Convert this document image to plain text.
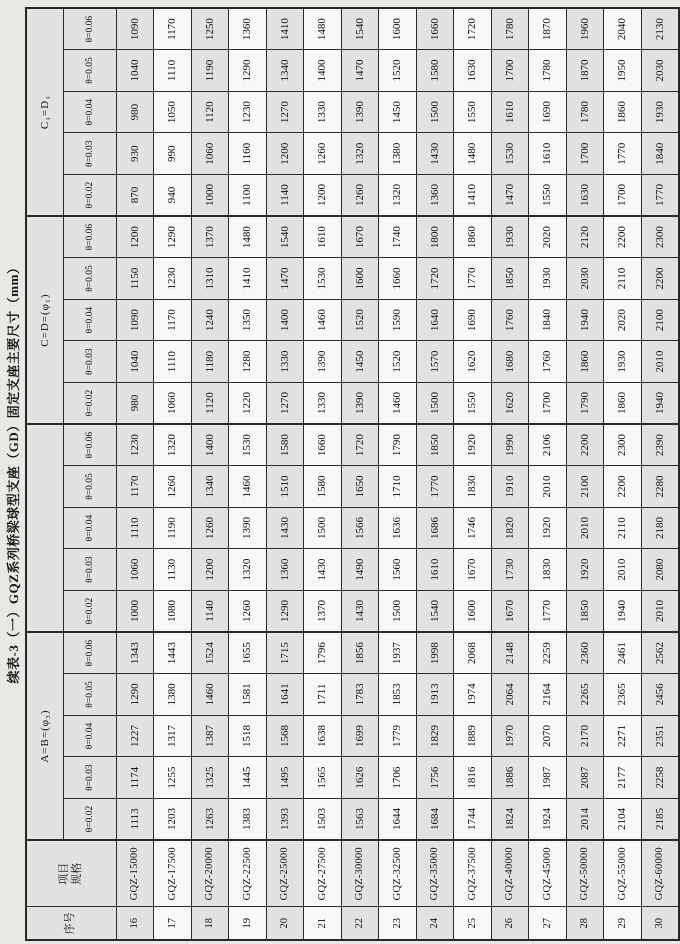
续表-3（一）GQZ系列桥梁球型支座（GD）固定支座主要尺寸（mm）
序号	项目 规格	A=B=(φ₃)										C=D=(φ₁)					C₁=D₁				
		θ=0.02	θ=0.03	θ=0.04	θ=0.05	θ=0.06	θ=0.02	θ=0.03	θ=0.04	θ=0.05	θ=0.06	θ=0.02	θ=0.03	θ=0.04	θ=0.05	θ=0.06	θ=0.02	θ=0.03	θ=0.04	θ=0.05	θ=0.06
16	GQZ-15000	1113	1174	1227	1290	1343	1000	1060	1110	1170	1230	980	1040	1090	1150	1200	870	930	980	1040	1090
17	GQZ-17500	1203	1255	1317	1380	1443	1080	1130	1190	1260	1320	1060	1110	1170	1230	1290	940	990	1050	1110	1170
18	GQZ-20000	1263	1325	1387	1460	1524	1140	1200	1260	1340	1400	1120	1180	1240	1310	1370	1000	1060	1120	1190	1250
19	GQZ-22500	1383	1445	1518	1581	1655	1260	1320	1390	1460	1530	1220	1280	1350	1410	1480	1100	1160	1230	1290	1360
20	GQZ-25000	1393	1495	1568	1641	1715	1290	1360	1430	1510	1580	1270	1330	1400	1470	1540	1140	1200	1270	1340	1410
21	GQZ-27500	1503	1565	1638	1711	1796	1370	1430	1500	1580	1660	1330	1390	1460	1530	1610	1200	1260	1330	1400	1480
22	GQZ-30000	1563	1626	1699	1783	1856	1430	1490	1566	1650	1720	1390	1450	1520	1600	1670	1260	1320	1390	1470	1540
23	GQZ-32500	1644	1706	1779	1853	1937	1500	1560	1636	1710	1790	1460	1520	1590	1660	1740	1320	1380	1450	1520	1600
24	GQZ-35000	1684	1756	1829	1913	1998	1540	1610	1686	1770	1850	1500	1570	1640	1720	1800	1360	1430	1500	1580	1660
25	GQZ-37500	1744	1816	1889	1974	2068	1600	1670	1746	1830	1920	1550	1620	1690	1770	1860	1410	1480	1550	1630	1720
26	GQZ-40000	1824	1886	1970	2064	2148	1670	1730	1820	1910	1990	1620	1680	1760	1850	1930	1470	1530	1610	1700	1780
27	GQZ-45000	1924	1987	2070	2164	2259	1770	1830	1920	2010	2106	1700	1760	1840	1930	2020	1550	1610	1690	1780	1870
28	GQZ-50000	2014	2087	2170	2265	2360	1850	1920	2010	2100	2200	1790	1860	1940	2030	2120	1630	1700	1780	1870	1960
29	GQZ-55000	2104	2177	2271	2365	2461	1940	2010	2110	2200	2300	1860	1930	2020	2110	2200	1700	1770	1860	1950	2040
30	GQZ-60000	2185	2258	2351	2456	2562	2010	2080	2180	2280	2390	1940	2010	2100	2200	2300	1770	1840	1930	2030	2130
